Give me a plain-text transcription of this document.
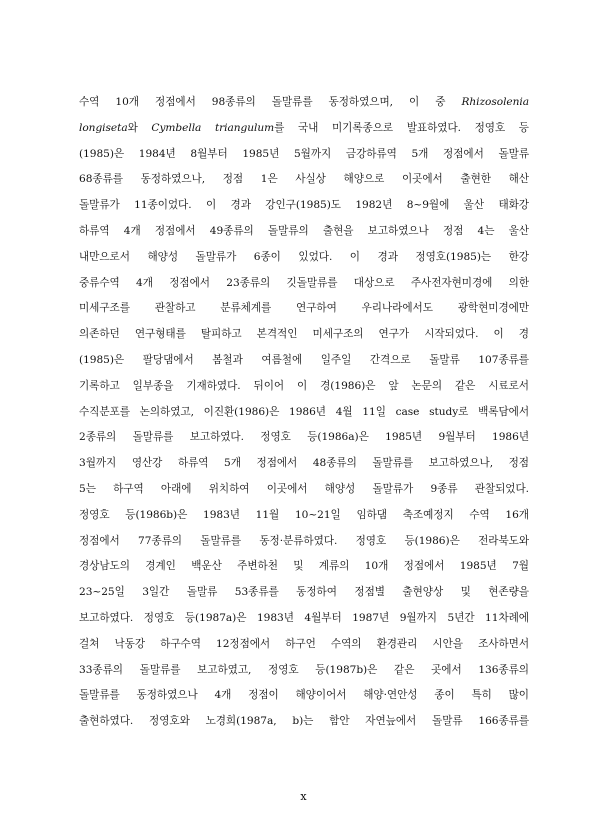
수역 10개 정점에서 98종류의 돌말류를 동정하였으며, 이 중 Rhizosolenia
longiseta와 Cymbella triangulum를 국내 미기록종으로 발표하였다. 정영호 등
(1985)은 1984년 8월부터 1985년 5월까지 금강하류역 5개 정점에서 돌말류
68종류를 동정하였으나, 정점 1은 사실상 해양으로 이곳에서 출현한 해산
돌말류가 11종이었다. 이 경과 강인구(1985)도 1982년 8~9월에 울산 태화강
하류역 4개 정점에서 49종류의 돌말류의 출현을 보고하였으나 정점 4는 울산
내만으로서 해양성 돌말류가 6종이 있었다. 이 경과 정영호(1985)는 한강
중류수역 4개 정점에서 23종류의 깃돌말류를 대상으로 주사전자현미경에 의한
미세구조를 관찰하고 분류체계를 연구하여 우리나라에서도 광학현미경에만
의존하던 연구형태를 탈피하고 본격적인 미세구조의 연구가 시작되었다. 이 경
(1985)은 팔당댐에서 봄철과 여름철에 일주일 간격으로 돌말류 107종류를
기록하고 일부종을 기재하였다. 뒤이어 이 경(1986)은 앞 논문의 같은 시료로서
수직분포를 논의하였고, 이진환(1986)은 1986년 4월 11일 case study로 백록담에서
2종류의 돌말류를 보고하였다. 정영호 등(1986a)은 1985년 9월부터 1986년
3월까지 영산강 하류역 5개 정점에서 48종류의 돌말류를 보고하였으나, 정점
5는 하구역 아래에 위치하여 이곳에서 해양성 돌말류가 9종류 관찰되었다.
정영호 등(1986b)은 1983년 11월 10~21일 임하댐 축조예정지 수역 16개
정점에서 77종류의 돌말류를 동정·분류하였다. 정영호 등(1986)은 전라북도와
경상남도의 경계인 백운산 주변하천 및 계류의 10개 정점에서 1985년 7월
23~25일 3일간 돌말류 53종류를 동정하여 정점별 출현양상 및 현존량을
보고하였다. 정영호 등(1987a)은 1983년 4월부터 1987년 9월까지 5년간 11차례에
걸쳐 낙동강 하구수역 12정점에서 하구언 수역의 환경관리 시안을 조사하면서
33종류의 돌말류를 보고하였고, 정영호 등(1987b)은 같은 곳에서 136종류의
돌말류를 동정하였으나 4개 정점이 해양이어서 해양·연안성 종이 특히 많이
출현하였다. 정영호와 노경희(1987a, b)는 함안 자연늪에서 돌말류 166종류를
x
